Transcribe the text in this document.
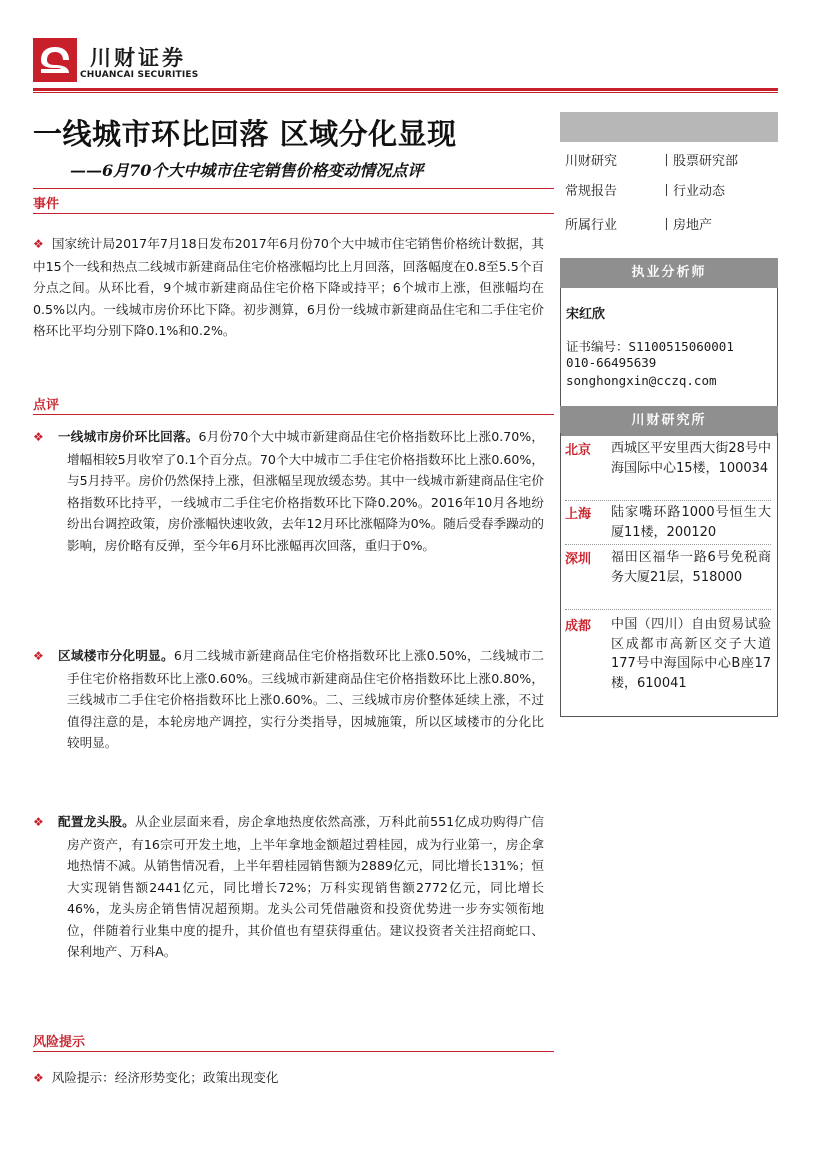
川财证券
CHUANCAI SECURITIES
一线城市环比回落 区域分化显现
——6月70个大中城市住宅销售价格变动情况点评
事件
❖ 国家统计局2017年7月18日发布2017年6月份70个大中城市住宅销售价格统计数据，其中15个一线和热点二线城市新建商品住宅价格涨幅均比上月回落，回落幅度在0.8至5.5个百分点之间。从环比看，9个城市新建商品住宅价格下降或持平；6个城市上涨，但涨幅均在0.5%以内。一线城市房价环比下降。初步测算，6月份一线城市新建商品住宅和二手住宅价格环比平均分别下降0.1%和0.2%。
点评
❖ 一线城市房价环比回落。6月份70个大中城市新建商品住宅价格指数环比上涨0.70%，增幅相较5月收窄了0.1个百分点。70个大中城市二手住宅价格指数环比上涨0.60%，与5月持平。房价仍然保持上涨，但涨幅呈现放缓态势。其中一线城市新建商品住宅价格指数环比持平，一线城市二手住宅价格指数环比下降0.20%。2016年10月各地纷纷出台调控政策，房价涨幅快速收敛，去年12月环比涨幅降为0%。随后受春季躁动的影响，房价略有反弹，至今年6月环比涨幅再次回落，重归于0%。
❖ 区域楼市分化明显。6月二线城市新建商品住宅价格指数环比上涨0.50%，二线城市二手住宅价格指数环比上涨0.60%。三线城市新建商品住宅价格指数环比上涨0.80%，三线城市二手住宅价格指数环比上涨0.60%。二、三线城市房价整体延续上涨，不过值得注意的是，本轮房地产调控，实行分类指导，因城施策，所以区域楼市的分化比较明显。
❖ 配置龙头股。从企业层面来看，房企拿地热度依然高涨，万科此前551亿成功购得广信房产资产，有16宗可开发土地，上半年拿地金额超过碧桂园，成为行业第一，房企拿地热情不减。从销售情况看，上半年碧桂园销售额为2889亿元，同比增长131%；恒大实现销售额2441亿元，同比增长72%；万科实现销售额2772亿元，同比增长46%，龙头房企销售情况超预期。龙头公司凭借融资和投资优势进一步夯实领衔地位，伴随着行业集中度的提升，其价值也有望获得重估。建议投资者关注招商蛇口、保利地产、万科A。
风险提示
❖ 风险提示：经济形势变化；政策出现变化
川财研究	丨股票研究部
常规报告	丨行业动态
所属行业	丨房地产
执业分析师
宋红欣
证书编号：S1100515060001
010-66495639
songhongxin@cczq.com
川财研究所
北京 西城区平安里西大街28号中海国际中心15楼，100034
上海 陆家嘴环路1000号恒生大厦11楼，200120
深圳 福田区福华一路6号免税商务大厦21层，518000
成都 中国（四川）自由贸易试验区成都市高新区交子大道177号中海国际中心B座17楼，610041
